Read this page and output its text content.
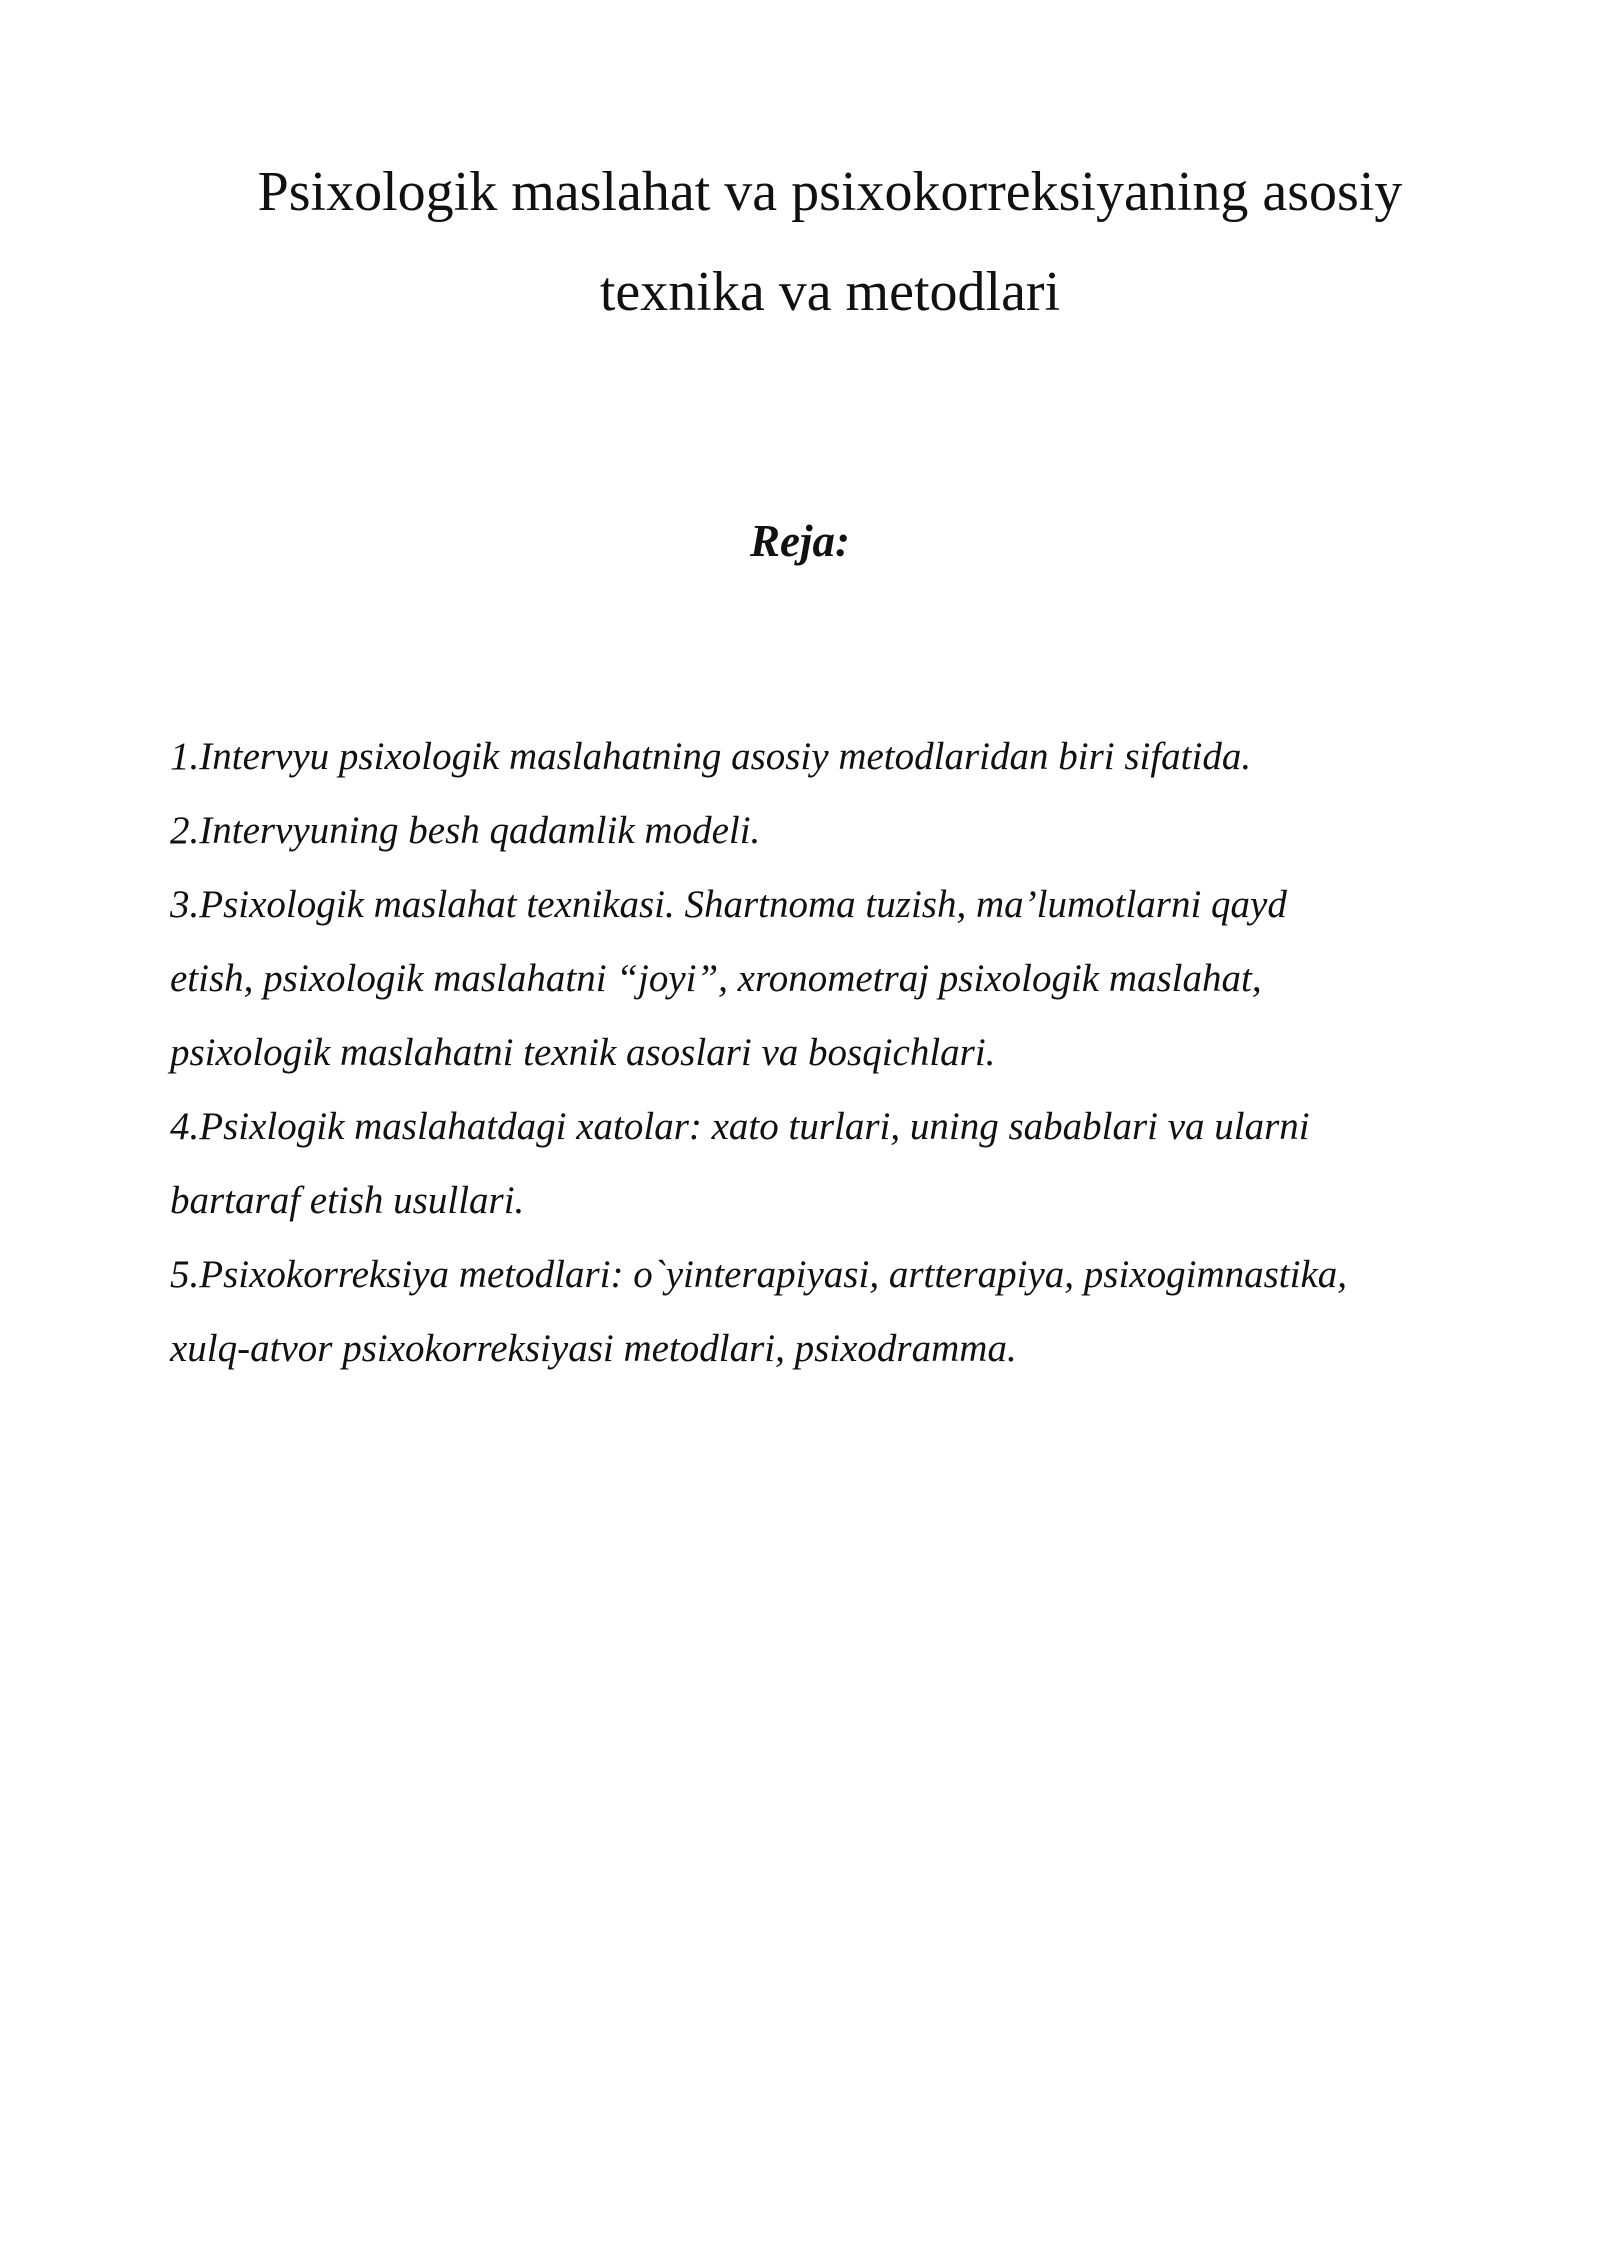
Psixologik maslahat va psixokorreksiyaning asosiy
texnika va metodlari
Reja:
1.Intervyu psixologik maslahatning asosiy metodlaridan biri sifatida.
2.Intervyuning besh qadamlik modeli.
3.Psixologik maslahat texnikasi. Shartnoma tuzish, ma’lumotlarni qayd
etish, psixologik maslahatni “joyi”, xronometraj psixologik maslahat,
psixologik maslahatni texnik asoslari va bosqichlari.
4.Psixlogik maslahatdagi xatolar: xato turlari, uning sabablari va ularni
bartaraf etish usullari.
5.Psixokorreksiya metodlari: o`yinterapiyasi, artterapiya, psixogimnastika,
xulq-atvor psixokorreksiyasi metodlari, psixodramma.
